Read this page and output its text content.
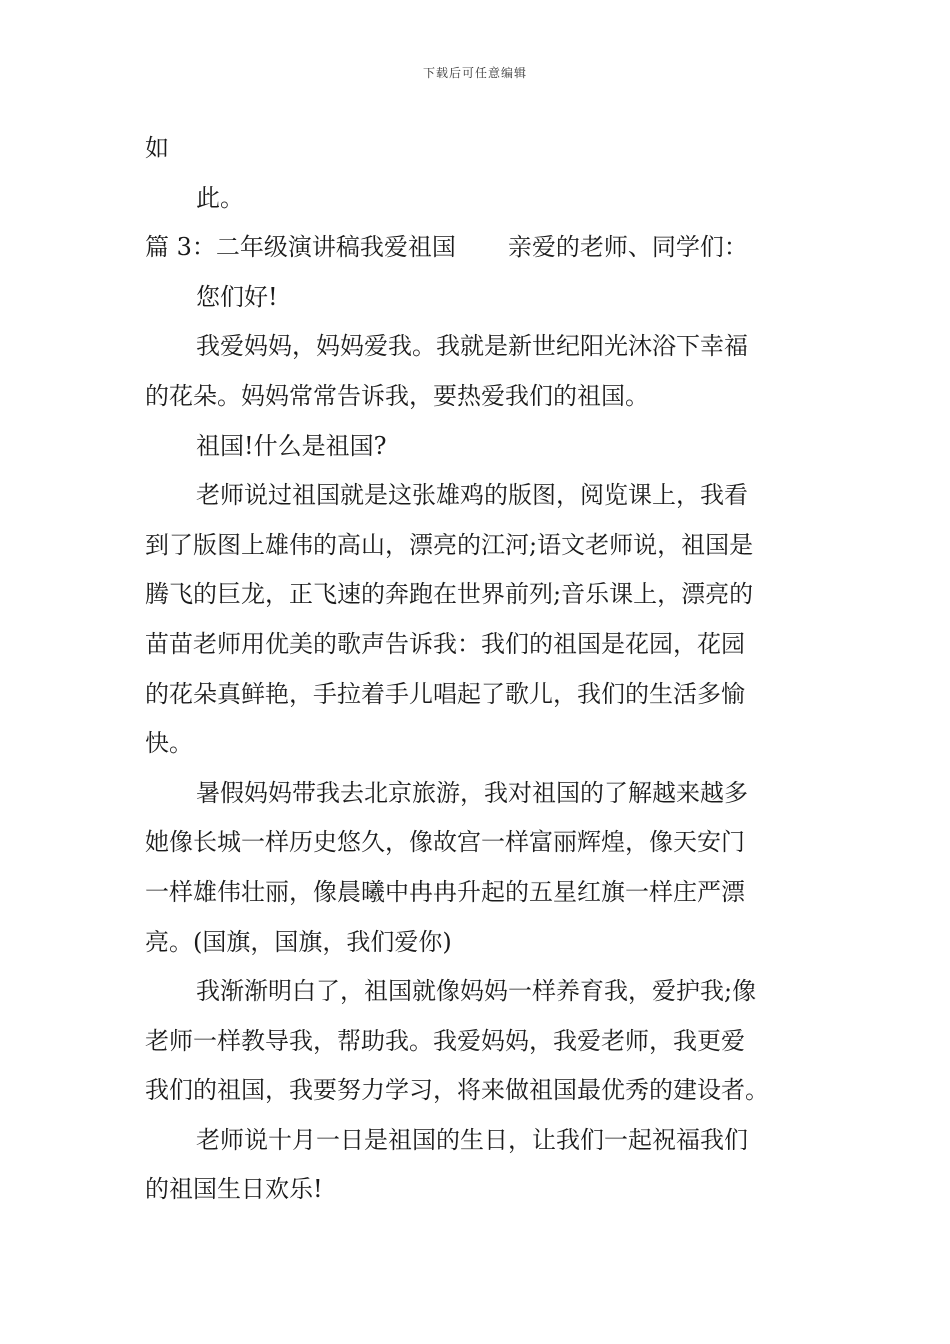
下载后可任意编辑
如
此。
篇 3：二年级演讲稿我爱祖国 亲爱的老师、同学们：
您们好!
我爱妈妈，妈妈爱我。我就是新世纪阳光沐浴下幸福
的花朵。妈妈常常告诉我，要热爱我们的祖国。
祖国!什么是祖国?
老师说过祖国就是这张雄鸡的版图，阅览课上，我看
到了版图上雄伟的高山，漂亮的江河;语文老师说，祖国是
腾飞的巨龙，正飞速的奔跑在世界前列;音乐课上，漂亮的
苗苗老师用优美的歌声告诉我：我们的祖国是花园，花园
的花朵真鲜艳，手拉着手儿唱起了歌儿，我们的生活多愉
快。
暑假妈妈带我去北京旅游，我对祖国的了解越来越多
她像长城一样历史悠久，像故宫一样富丽辉煌，像天安门
一样雄伟壮丽，像晨曦中冉冉升起的五星红旗一样庄严漂
亮。(国旗，国旗，我们爱你)
我渐渐明白了，祖国就像妈妈一样养育我，爱护我;像
老师一样教导我，帮助我。我爱妈妈，我爱老师，我更爱
我们的祖国，我要努力学习，将来做祖国最优秀的建设者。
老师说十月一日是祖国的生日，让我们一起祝福我们
的祖国生日欢乐!
